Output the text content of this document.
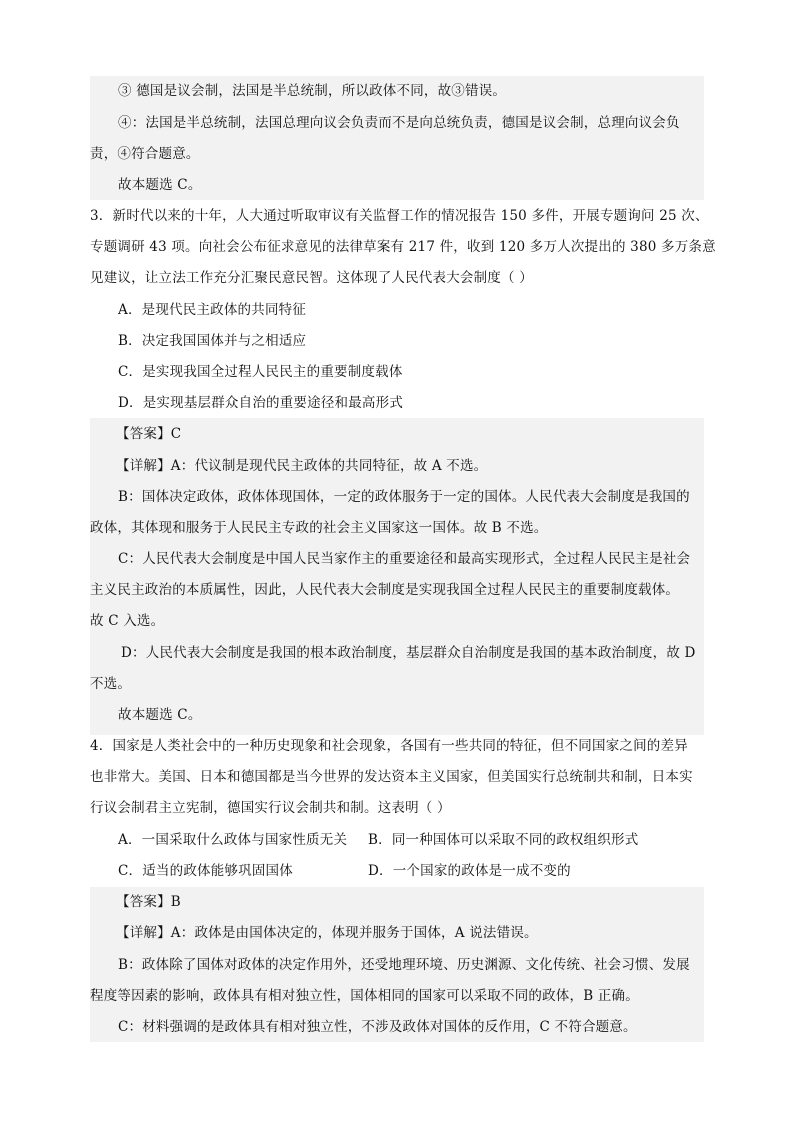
③ 德国是议会制，法国是半总统制，所以政体不同，故③错误。
④：法国是半总统制，法国总理向议会负责而不是向总统负责，德国是议会制，总理向议会负
责，④符合题意。
故本题选 C。
3．新时代以来的十年，人大通过听取审议有关监督工作的情况报告 150 多件，开展专题询问 25 次、
专题调研 43 项。向社会公布征求意见的法律草案有 217 件，收到 120 多万人次提出的 380 多万条意
见建议，让立法工作充分汇聚民意民智。这体现了人民代表大会制度（ ）
A．是现代民主政体的共同特征
B．决定我国国体并与之相适应
C．是实现我国全过程人民民主的重要制度载体
D．是实现基层群众自治的重要途径和最高形式
【答案】C
【详解】A：代议制是现代民主政体的共同特征，故 A 不选。
B：国体决定政体，政体体现国体，一定的政体服务于一定的国体。人民代表大会制度是我国的
政体，其体现和服务于人民民主专政的社会主义国家这一国体。故 B 不选。
C：人民代表大会制度是中国人民当家作主的重要途径和最高实现形式，全过程人民民主是社会
主义民主政治的本质属性，因此，人民代表大会制度是实现我国全过程人民民主的重要制度载体。
故 C 入选。
D：人民代表大会制度是我国的根本政治制度，基层群众自治制度是我国的基本政治制度，故 D
不选。
故本题选 C。
4．国家是人类社会中的一种历史现象和社会现象，各国有一些共同的特征，但不同国家之间的差异
也非常大。美国、日本和德国都是当今世界的发达资本主义国家，但美国实行总统制共和制，日本实
行议会制君主立宪制，德国实行议会制共和制。这表明（ ）
A．一国采取什么政体与国家性质无关 B．同一种国体可以采取不同的政权组织形式
C．适当的政体能够巩固国体	D．一个国家的政体是一成不变的
【答案】B
【详解】A：政体是由国体决定的，体现并服务于国体，A 说法错误。
B：政体除了国体对政体的决定作用外，还受地理环境、历史渊源、文化传统、社会习惯、发展
程度等因素的影响，政体具有相对独立性，国体相同的国家可以采取不同的政体，B 正确。
C：材料强调的是政体具有相对独立性，不涉及政体对国体的反作用，C 不符合题意。
